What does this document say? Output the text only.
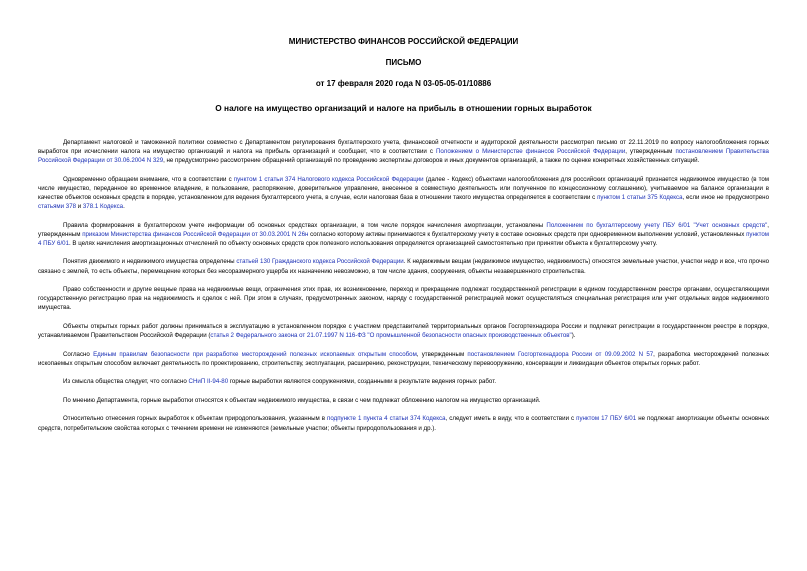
МИНИСТЕРСТВО ФИНАНСОВ РОССИЙСКОЙ ФЕДЕРАЦИИ

ПИСЬМО

от 17 февраля 2020 года N 03-05-05-01/10886

О налоге на имущество организаций и налоге на прибыль в отношении горных выработок

Департамент налоговой и таможенной политики совместно с Департаментом регулирования бухгалтерского учета, финансовой отчетности и аудиторской деятельности рассмотрел письмо от 22.11.2019 по вопросу налогообложения горных выработок при исчислении налога на имущество организаций и налога на прибыль организаций и сообщает, что в соответствии с Положением о Министерстве финансов Российской Федерации, утвержденным постановлением Правительства Российской Федерации от 30.06.2004 N 329, не предусмотрено рассмотрение обращений организаций по проведению экспертизы договоров и иных документов организаций, а также по оценке конкретных хозяйственных ситуаций.

Одновременно обращаем внимание, что в соответствии с пунктом 1 статьи 374 Налогового кодекса Российской Федерации (далее - Кодекс) объектами налогообложения для российских организаций признается недвижимое имущество (в том числе имущество, переданное во временное владение, в пользование, распоряжение, доверительное управление, внесенное в совместную деятельность или полученное по концессионному соглашению), учитываемое на балансе организации в качестве объектов основных средств в порядке, установленном для ведения бухгалтерского учета, в случае, если налоговая база в отношении такого имущества определяется в соответствии с пунктом 1 статьи 375 Кодекса, если иное не предусмотрено статьями 378 и 378.1 Кодекса.

Правила формирования в бухгалтерском учете информации об основных средствах организации, в том числе порядок начисления амортизации, установлены Положением по бухгалтерскому учету ПБУ 6/01 "Учет основных средств", утвержденным приказом Министерства финансов Российской Федерации от 30.03.2001 N 26н согласно которому активы принимаются к бухгалтерскому учету в составе основных средств при одновременном выполнении условий, установленных пунктом 4 ПБУ 6/01. В целях начисления амортизационных отчислений по объекту основных средств срок полезного использования определяется организацией самостоятельно при принятии объекта к бухгалтерскому учету.

Понятия движимого и недвижимого имущества определены статьей 130 Гражданского кодекса Российской Федерации. К недвижимым вещам (недвижимое имущество, недвижимость) относятся земельные участки, участки недр и все, что прочно связано с землей, то есть объекты, перемещение которых без несоразмерного ущерба их назначению невозможно, в том числе здания, сооружения, объекты незавершенного строительства.

Право собственности и другие вещные права на недвижимые вещи, ограничения этих прав, их возникновение, переход и прекращение подлежат государственной регистрации в едином государственном реестре органами, осуществляющими государственную регистрацию прав на недвижимость и сделок с ней. При этом в случаях, предусмотренных законом, наряду с государственной регистрацией может осуществляться специальная регистрация или учет отдельных видов недвижимого имущества.

Объекты открытых горных работ должны приниматься в эксплуатацию в установленном порядке с участием представителей территориальных органов Госгортехнадзора России и подлежат регистрации в государственном реестре в порядке, устанавливаемом Правительством Российской Федерации (статья 2 Федерального закона от 21.07.1997 N 116-ФЗ "О промышленной безопасности опасных производственных объектов").

Согласно Единым правилам безопасности при разработке месторождений полезных ископаемых открытым способом, утвержденным постановлением Госгортехнадзора России от 09.09.2002 N 57, разработка месторождений полезных ископаемых открытым способом включает деятельность по проектированию, строительству, эксплуатации, расширению, реконструкции, техническому перевооружению, консервации и ликвидации объектов открытых горных работ.

Из смысла общества следует, что согласно СНиП II-94-80 горные выработки являются сооружениями, созданными в результате ведения горных работ.

По мнению Департамента, горные выработки относятся к объектам недвижимого имущества, в связи с чем подлежат обложению налогом на имущество организаций.

Относительно отнесения горных выработок к объектам природопользования, указанным в подпункте 1 пункта 4 статьи 374 Кодекса, следует иметь в виду, что в соответствии с пунктом 17 ПБУ 6/01 не подлежат амортизации объекты основных средств, потребительские свойства которых с течением времени не изменяются (земельные участки; объекты природопользования и др.).
